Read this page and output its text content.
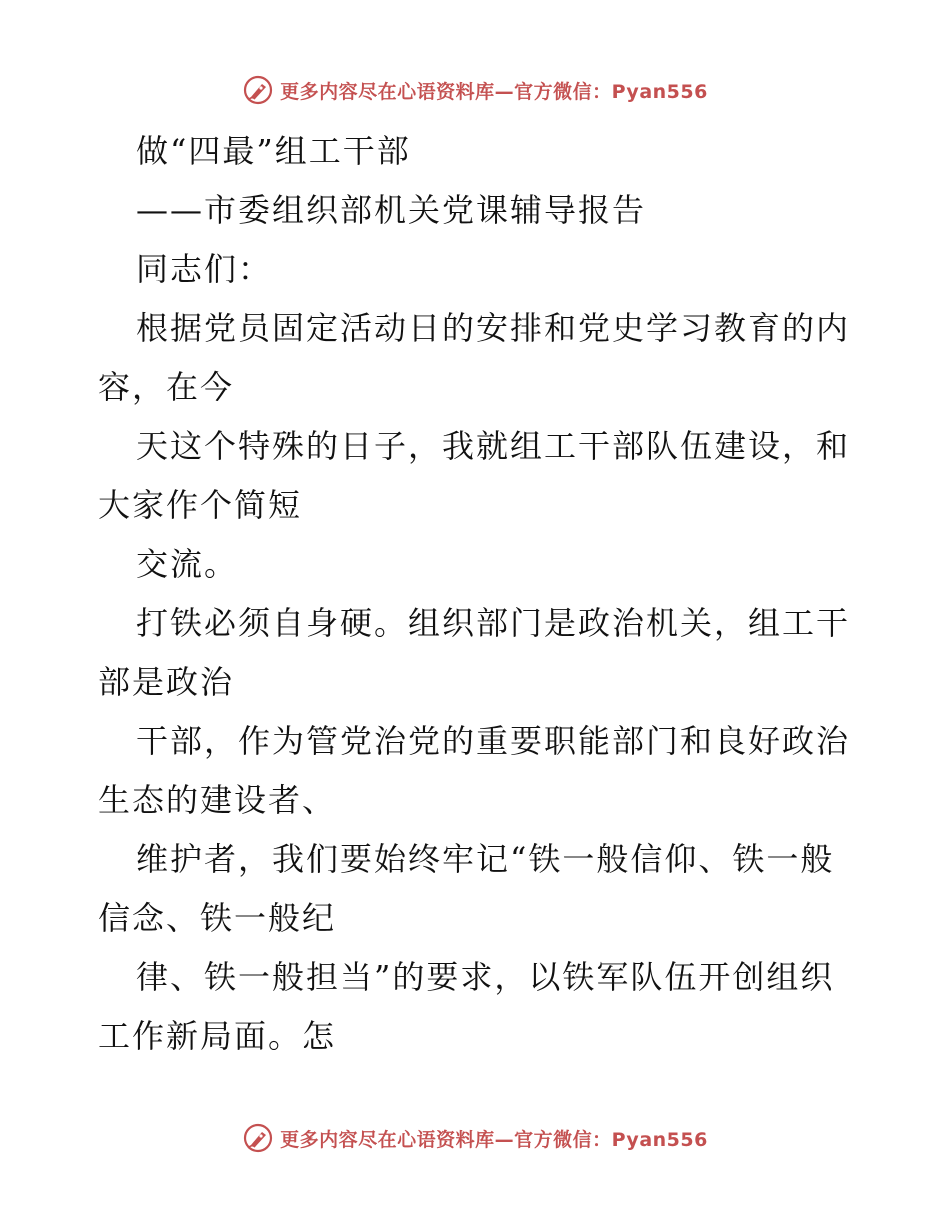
更多内容尽在心语资料库—官方微信：Pyan556
做“四最”组工干部
——市委组织部机关党课辅导报告
同志们：
根据党员固定活动日的安排和党史学习教育的内
容，在今
天这个特殊的日子，我就组工干部队伍建设，和
大家作个简短
交流。
打铁必须自身硬。组织部门是政治机关，组工干
部是政治
干部，作为管党治党的重要职能部门和良好政治
生态的建设者、
维护者，我们要始终牢记“铁一般信仰、铁一般
信念、铁一般纪
律、铁一般担当”的要求，以铁军队伍开创组织
工作新局面。怎
更多内容尽在心语资料库—官方微信：Pyan556
